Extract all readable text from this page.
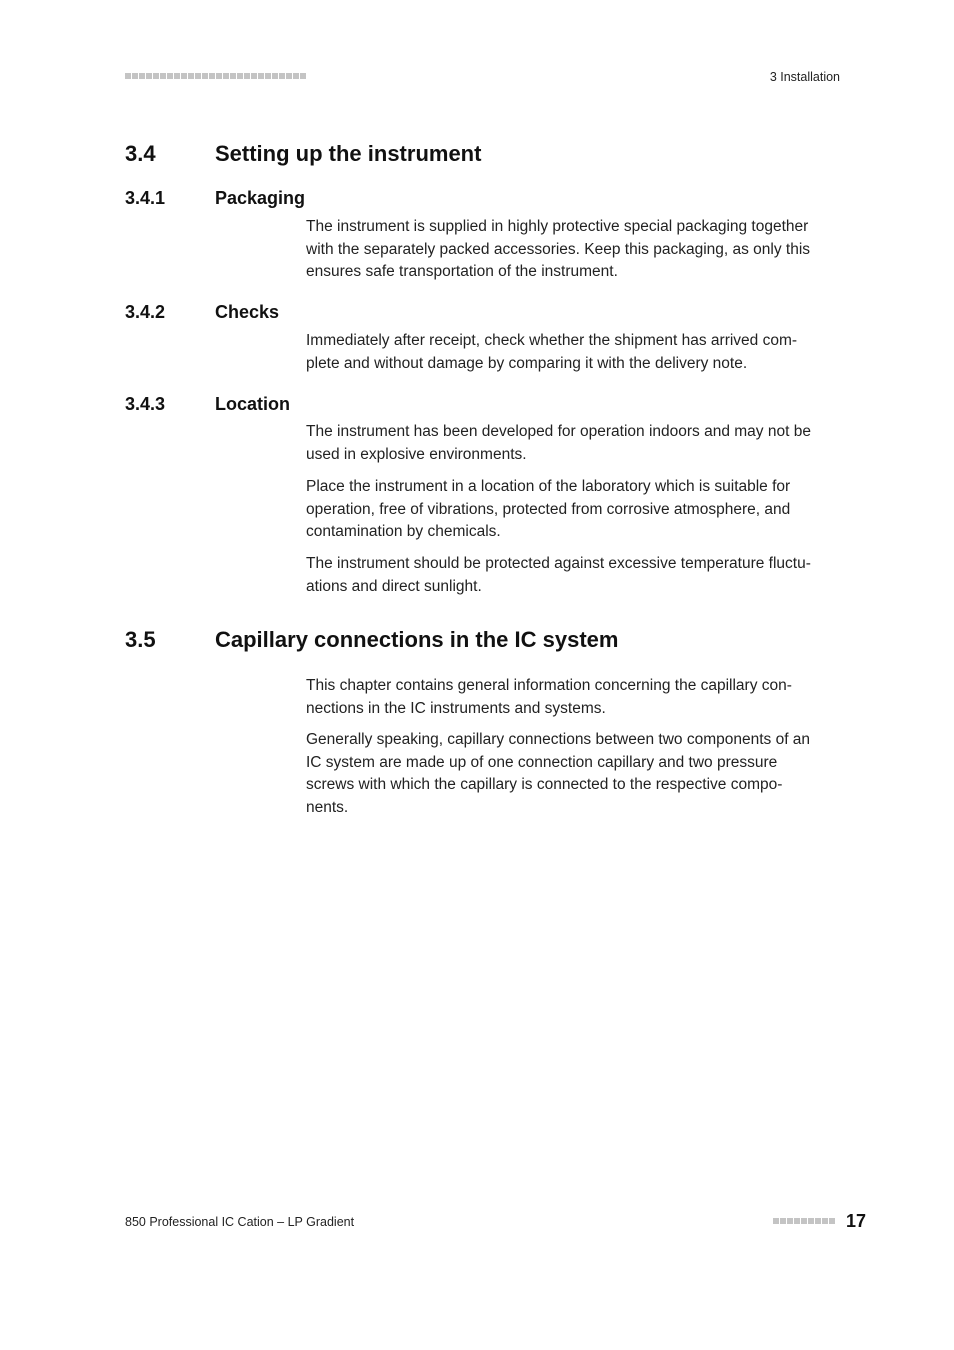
3 Installation
3.4	Setting up the instrument
3.4.1	Packaging
The instrument is supplied in highly protective special packaging together
with the separately packed accessories. Keep this packaging, as only this
ensures safe transportation of the instrument.
3.4.2	Checks
Immediately after receipt, check whether the shipment has arrived com-
plete and without damage by comparing it with the delivery note.
3.4.3	Location
The instrument has been developed for operation indoors and may not be
used in explosive environments.
Place the instrument in a location of the laboratory which is suitable for
operation, free of vibrations, protected from corrosive atmosphere, and
contamination by chemicals.
The instrument should be protected against excessive temperature fluctu-
ations and direct sunlight.
3.5	Capillary connections in the IC system
This chapter contains general information concerning the capillary con-
nections in the IC instruments and systems.
Generally speaking, capillary connections between two components of an
IC system are made up of one connection capillary and two pressure
screws with which the capillary is connected to the respective compo-
nents.
850 Professional IC Cation – LP Gradient	17
